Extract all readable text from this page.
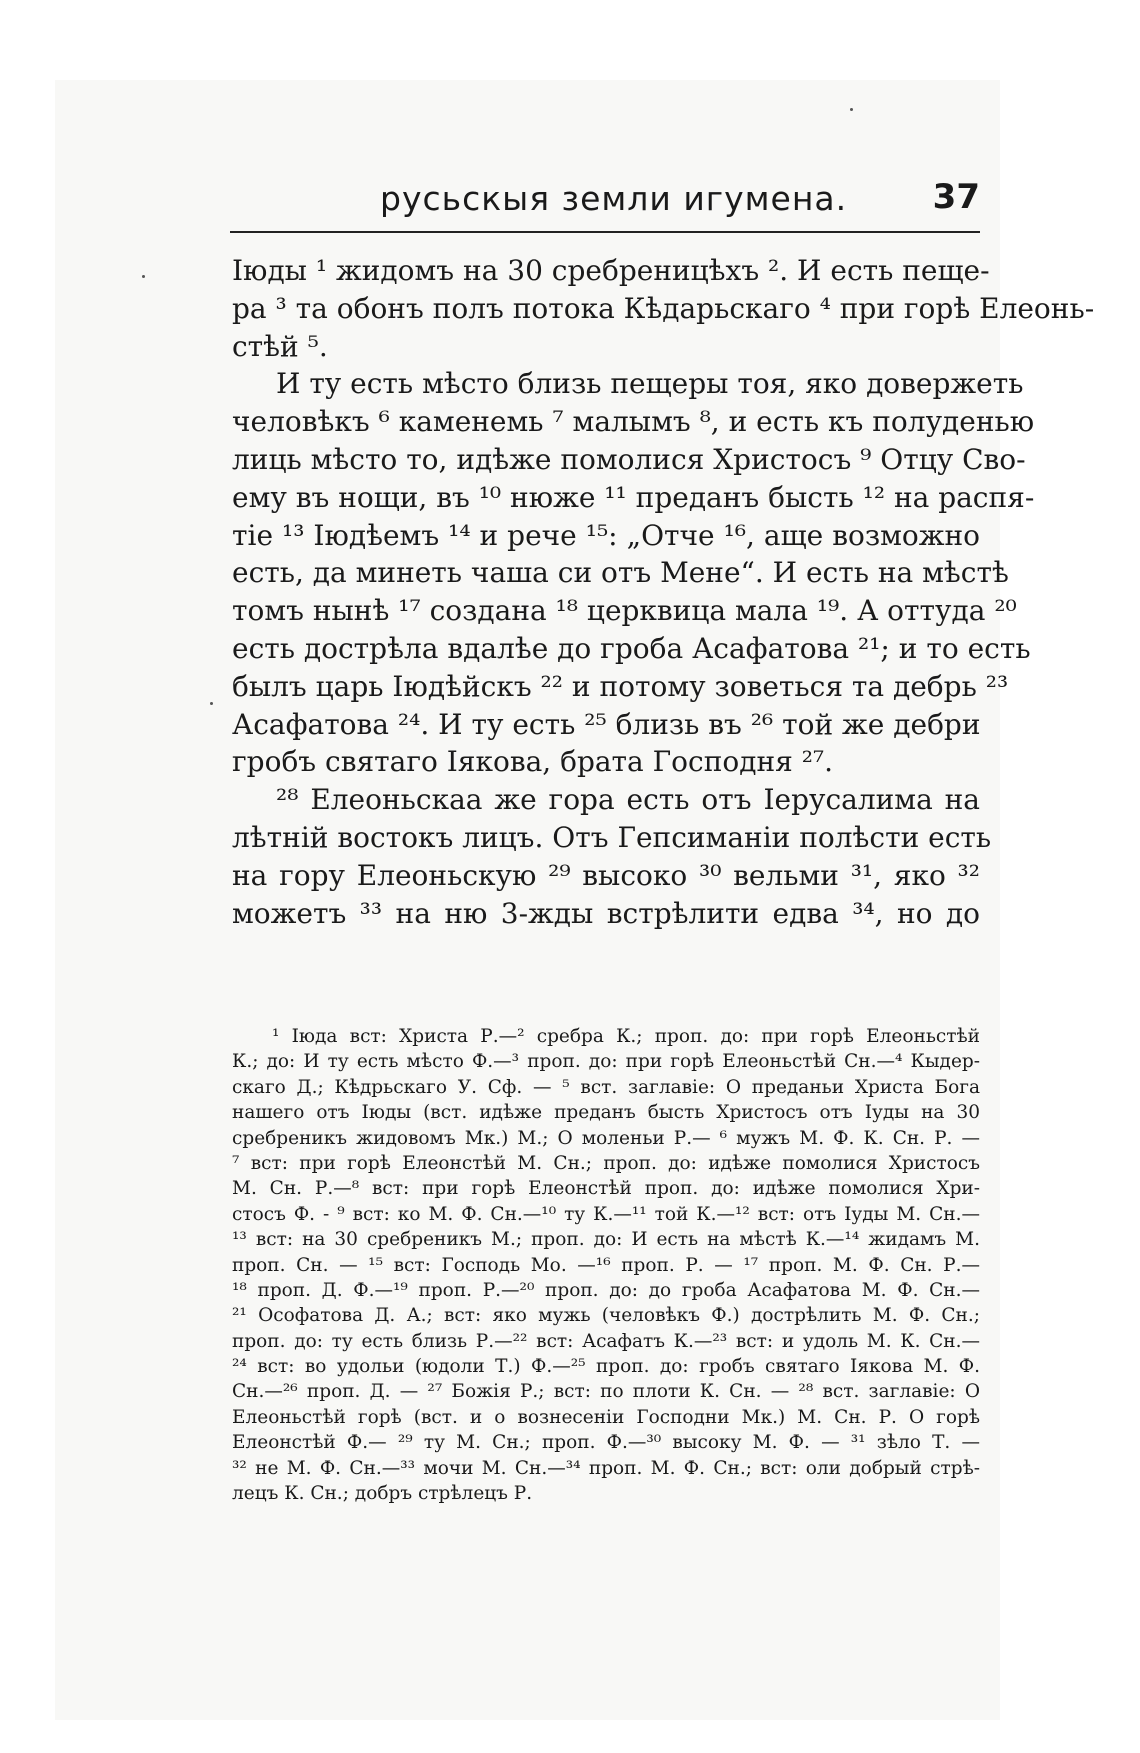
русьскыя земли игумена.	37
Іюды ¹ жидомъ на 30 сребреницѣхъ ². И есть пеще-
ра ³ та обонъ полъ потока Кѣдарьскаго ⁴ при горѣ Елеонь-
стѣй ⁵.
И ту есть мѣсто близь пещеры тоя, яко довержеть
человѣкъ ⁶ каменемь ⁷ малымъ ⁸, и есть къ полуденью
лиць мѣсто то, идѣже помолися Христосъ ⁹ Отцу Сво-
ему въ нощи, въ ¹⁰ нюже ¹¹ преданъ бысть ¹² на распя-
тіе ¹³ Іюдѣемъ ¹⁴ и рече ¹⁵: „Отче ¹⁶, аще возможно
есть, да минеть чаша си отъ Мене“. И есть на мѣстѣ
томъ нынѣ ¹⁷ создана ¹⁸ церквица мала ¹⁹. А оттуда ²⁰
есть дострѣла вдалѣе до гроба Асафатова ²¹; и то есть
былъ царь Іюдѣйскъ ²² и потому зоветься та дебрь ²³
Асафатова ²⁴. И ту есть ²⁵ близь въ ²⁶ той же дебри
гробъ святаго Іякова, брата Господня ²⁷.
²⁸ Елеоньскаа же гора есть отъ Іерусалима на
лѣтній востокъ лицъ. Отъ Гепсиманіи полѣсти есть
на гору Елеоньскую ²⁹ высоко ³⁰ вельми ³¹, яко ³²
можетъ ³³ на ню 3-жды встрѣлити едва ³⁴, но до
¹ Іюда вст: Христа Р.—² сребра К.; проп. до: при горѣ Елеоньстѣй
К.; до: И ту есть мѣсто Ф.—³ проп. до: при горѣ Елеоньстѣй Сн.—⁴ Кыдер-
скаго Д.; Кѣдрьскаго У. Сф. — ⁵ вст. заглавіе: О преданьи Христа Бога
нашего отъ Іюды (вст. идѣже преданъ бысть Христосъ отъ Іуды на 30
сребреникъ жидовомъ Мк.) М.; О моленьи Р.— ⁶ мужъ М. Ф. К. Сн. Р. —
⁷ вст: при горѣ Елеонстѣй М. Сн.; проп. до: идѣже помолися Христосъ
М. Сн. Р.—⁸ вст: при горѣ Елеонстѣй проп. до: идѣже помолися Хри-
стосъ Ф. - ⁹ вст: ко М. Ф. Сн.—¹⁰ ту К.—¹¹ той К.—¹² вст: отъ Іуды М. Сн.—
¹³ вст: на 30 сребреникъ М.; проп. до: И есть на мѣстѣ К.—¹⁴ жидамъ М.
проп. Сн. — ¹⁵ вст: Господь Мо. —¹⁶ проп. Р. — ¹⁷ проп. М. Ф. Сн. Р.—
¹⁸ проп. Д. Ф.—¹⁹ проп. Р.—²⁰ проп. до: до гроба Асафатова М. Ф. Сн.—
²¹ Ософатова Д. А.; вст: яко мужь (человѣкъ Ф.) дострѣлить М. Ф. Сн.;
проп. до: ту есть близь Р.—²² вст: Асафатъ К.—²³ вст: и удоль М. К. Сн.—
²⁴ вст: во удольи (юдоли Т.) Ф.—²⁵ проп. до: гробъ святаго Іякова М. Ф.
Сн.—²⁶ проп. Д. — ²⁷ Божія Р.; вст: по плоти К. Сн. — ²⁸ вст. заглавіе: О
Елеоньстѣй горѣ (вст. и о вознесеніи Господни Мк.) М. Сн. Р. О горѣ
Елеонстѣй Ф.— ²⁹ ту М. Сн.; проп. Ф.—³⁰ высоку М. Ф. — ³¹ зѣло Т. —
³² не М. Ф. Сн.—³³ мочи М. Сн.—³⁴ проп. М. Ф. Сн.; вст: оли добрый стрѣ-
лецъ К. Сн.; добръ стрѣлецъ Р.
